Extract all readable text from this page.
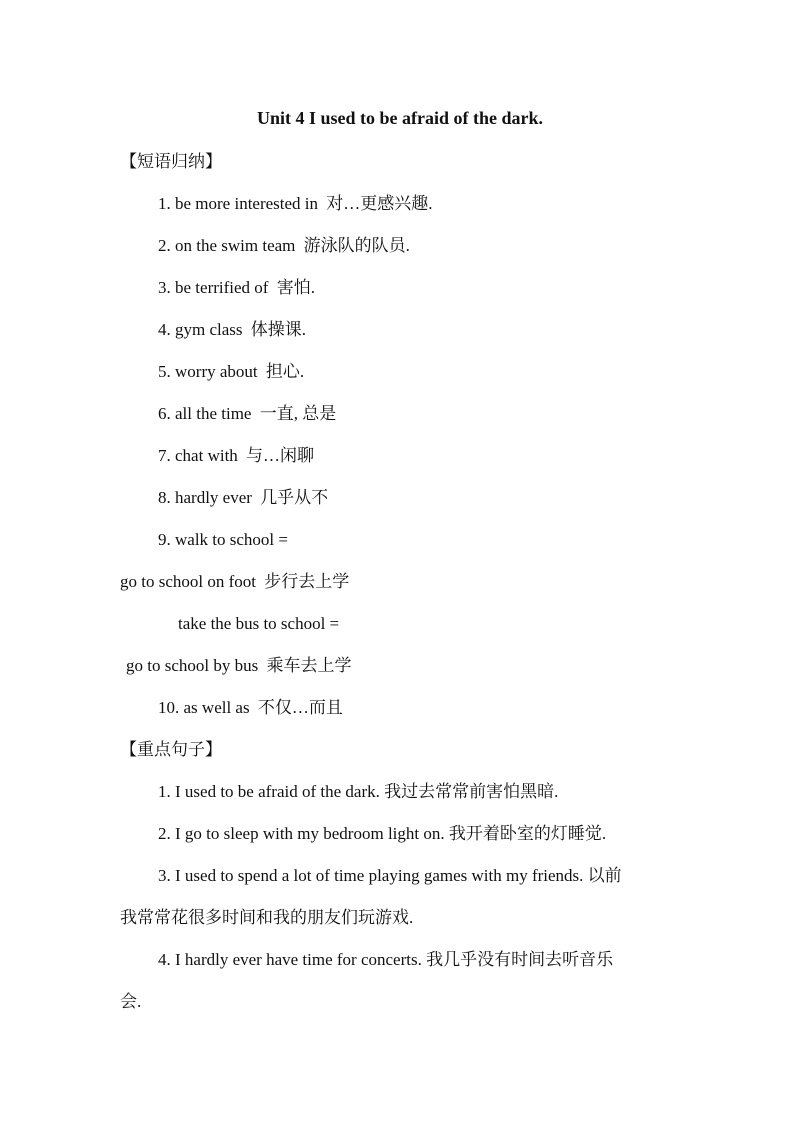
Unit 4 I used to be afraid of the dark.
【短语归纳】
1. be more interested in 对…更感兴趣.
2. on the swim team 游泳队的队员.
3. be terrified of 害怕.
4. gym class 体操课.
5. worry about 担心.
6. all the time 一直, 总是
7. chat with 与…闲聊
8. hardly ever 几乎从不
9. walk to school =
go to school on foot 步行去上学
take the bus to school =
go to school by bus 乘车去上学
10. as well as 不仅…而且
【重点句子】
1. I used to be afraid of the dark. 我过去常常前害怕黑暗.
2. I go to sleep with my bedroom light on. 我开着卧室的灯睡觉.
3. I used to spend a lot of time playing games with my friends. 以前
我常常花很多时间和我的朋友们玩游戏.
4. I hardly ever have time for concerts. 我几乎没有时间去听音乐
会.
